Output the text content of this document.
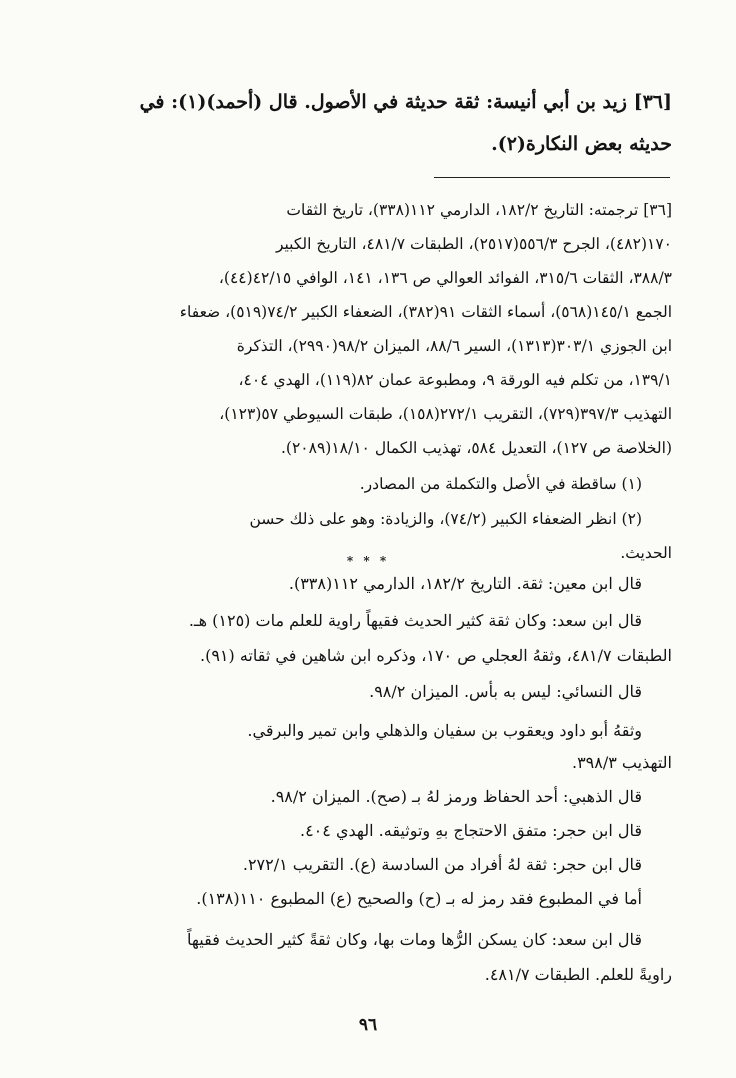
[٣٦] زيد بن أبي أنيسة: ثقة حديثة في الأصول. قال (أحمد)(١): في
حديثه بعض النكارة(٢).
[٣٦] ترجمته: التاريخ ١٨٢/٢، الدارمي ١١٢(٣٣٨)، تاريخ الثقات
١٧٠(٤٨٢)، الجرح ٥٥٦/٣(٢٥١٧)، الطبقات ٤٨١/٧، التاريخ الكبير
٣٨٨/٣، الثقات ٣١٥/٦، الفوائد العوالي ص ١٣٦، ١٤١، الوافي ٤٢/١٥(٤٤)،
الجمع ١٤٥/١(٥٦٨)، أسماء الثقات ٩١(٣٨٢)، الضعفاء الكبير ٧٤/٢(٥١٩)، ضعفاء
ابن الجوزي ٣٠٣/١(١٣١٣)، السير ٨٨/٦، الميزان ٩٨/٢(٢٩٩٠)، التذكرة
١٣٩/١، من تكلم فيه الورقة ٩، ومطبوعة عمان ٨٢(١١٩)، الهدي ٤٠٤،
التهذيب ٣٩٧/٣(٧٢٩)، التقريب ٢٧٢/١(١٥٨)، طبقات السيوطي ٥٧(١٢٣)،
(الخلاصة ص ١٢٧)، التعديل ٥٨٤، تهذيب الكمال ١٨/١٠(٢٠٨٩).
(١) ساقطة في الأصل والتكملة من المصادر.
(٢) انظر الضعفاء الكبير (٧٤/٢)، والزيادة: وهو على ذلك حسن
الحديث.
* * *
قال ابن معين: ثقة. التاريخ ١٨٢/٢، الدارمي ١١٢(٣٣٨).
قال ابن سعد: وكان ثقة كثير الحديث فقيهاً راوية للعلم مات (١٢٥) هـ.
الطبقات ٤٨١/٧، وثقهُ العجلي ص ١٧٠، وذكره ابن شاهين في ثقاته (٩١).
قال النسائي: ليس به بأس. الميزان ٩٨/٢.
وثقهُ أبو داود ويعقوب بن سفيان والذهلي وابن تمير والبرقي.
التهذيب ٣٩٨/٣.
قال الذهبي: أحد الحفاظ ورمز لهُ بـ (صح). الميزان ٩٨/٢.
قال ابن حجر: متفق الاحتجاج بهِ وتوثيقه. الهدي ٤٠٤.
قال ابن حجر: ثقة لهُ أفراد من السادسة (ع). التقريب ٢٧٢/١.
أما في المطبوع فقد رمز له بـ (ح) والصحيح (ع) المطبوع ١١٠(١٣٨).
قال ابن سعد: كان يسكن الرُّها ومات بها، وكان ثقةً كثير الحديث فقيهاً
راويةً للعلم. الطبقات ٤٨١/٧.
٩٦
